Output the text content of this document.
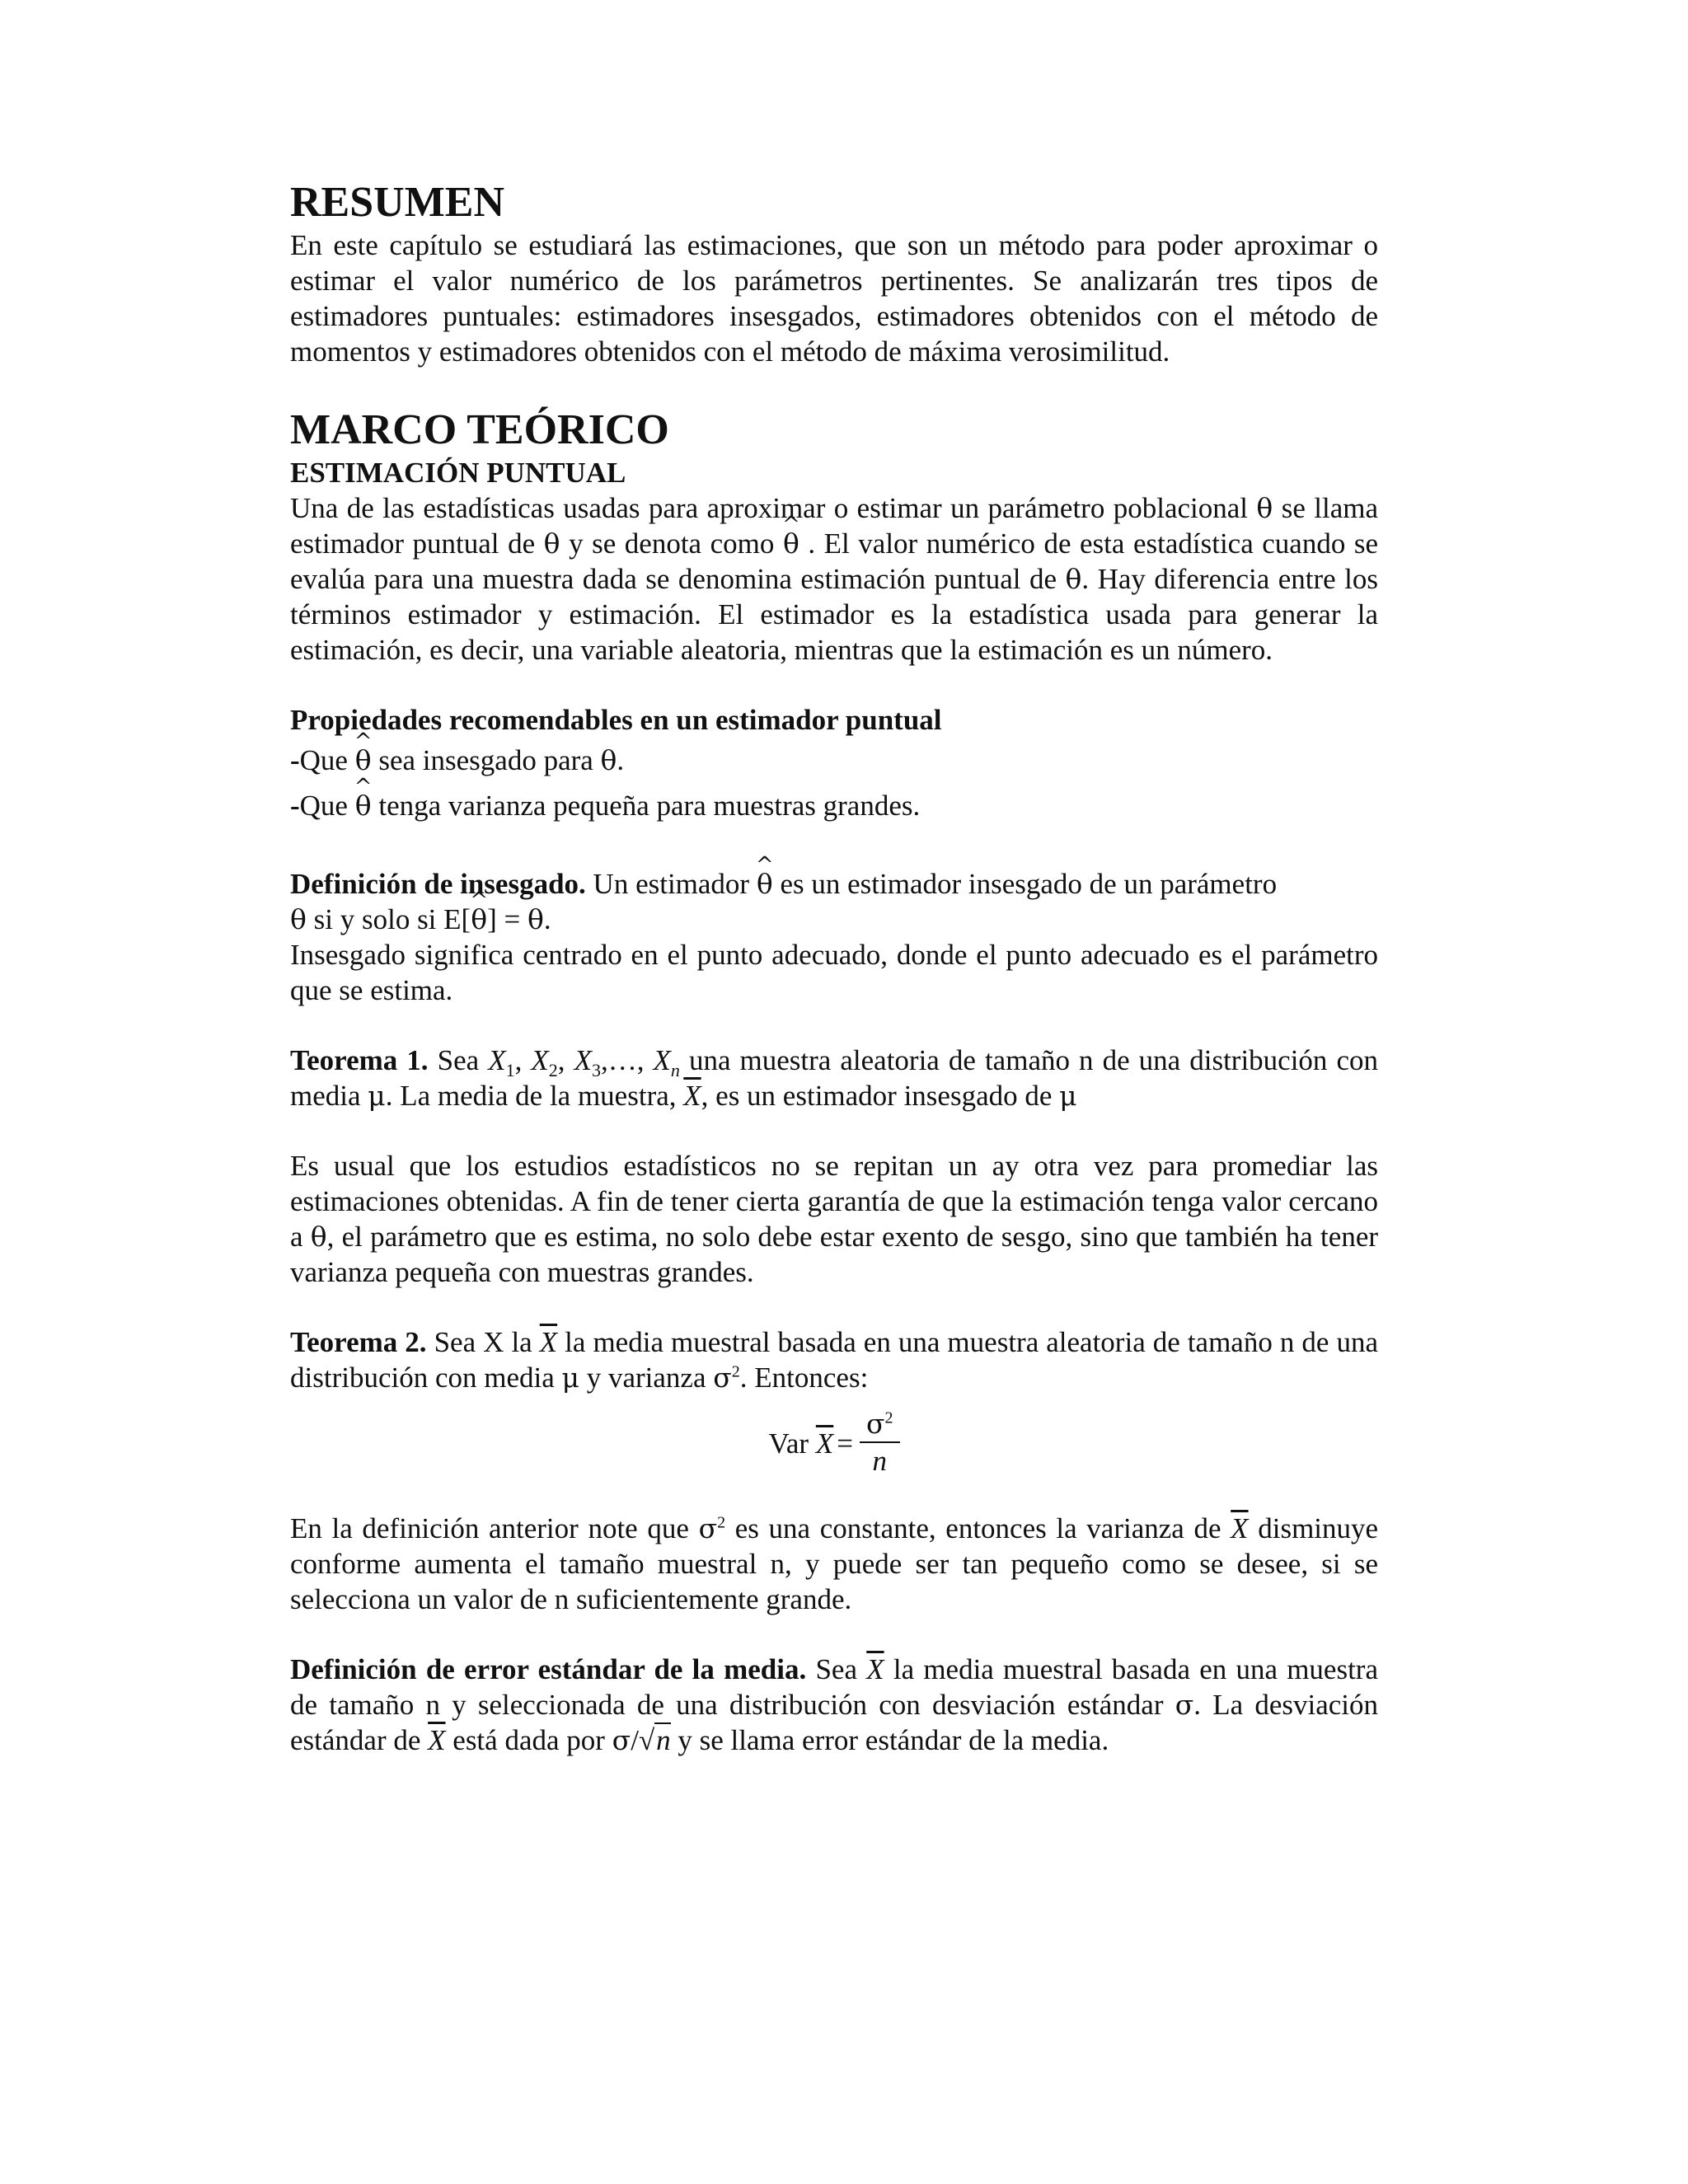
RESUMEN

En este capítulo se estudiará las estimaciones, que son un método para poder aproximar o estimar el valor numérico de los parámetros pertinentes. Se analizarán tres tipos de estimadores puntuales: estimadores insesgados, estimadores obtenidos con el método de momentos y estimadores obtenidos con el método de máxima verosimilitud.

MARCO TEÓRICO
ESTIMACIÓN PUNTUAL

Una de las estadísticas usadas para aproximar o estimar un parámetro poblacional θ se llama estimador puntual de θ y se denota como ^ θ . El valor numérico de esta estadística cuando se evalúa para una muestra dada se denomina estimación puntual de θ. Hay diferencia entre los términos estimador y estimación. El estimador es la estadística usada para generar la estimación, es decir, una variable aleatoria, mientras que la estimación es un número.

Propiedades recomendables en un estimador puntual

-Que ^ θ sea insesgado para θ.

-Que ^ θ tenga varianza pequeña para muestras grandes.

Definición de insesgado. Un estimador ^ θ es un estimador insesgado de un parámetro
θ si y solo si E[^ θ] = θ.

Insesgado significa centrado en el punto adecuado, donde el punto adecuado es el parámetro que se estima.

Teorema 1. Sea $X_1$, $X_2$, $X_3,\dots$, $X_n$ una muestra aleatoria de tamaño n de una distribución con media μ. La media de la muestra, $\overline{X}$, es un estimador insesgado de μ

Es usual que los estudios estadísticos no se repitan un ay otra vez para promediar las estimaciones obtenidas. A fin de tener cierta garantía de que la estimación tenga valor cercano a θ, el parámetro que es estima, no solo debe estar exento de sesgo, sino que también ha tener varianza pequeña con muestras grandes.

Teorema 2. Sea X la $\overline{X}$ la media muestral basada en una muestra aleatoria de tamaño n de una distribución con media μ y varianza $\sigma^2$. Entonces:

Var
$\overline{X} = \frac{\sigma^2}{n}$

En la definición anterior note que $\sigma^2$ es una constante, entonces la varianza de $\overline{X}$ disminuye conforme aumenta el tamaño muestral n, y puede ser tan pequeño como se desee, si se selecciona un valor de n suficientemente grande.

Definición de error estándar de la media. Sea $\overline{X}$ la media muestral basada en una muestra de tamaño n y seleccionada de una distribución con desviación estándar σ. La desviación estándar de $\overline{X}$ está dada por σ/√n y se llama error estándar de la media.
